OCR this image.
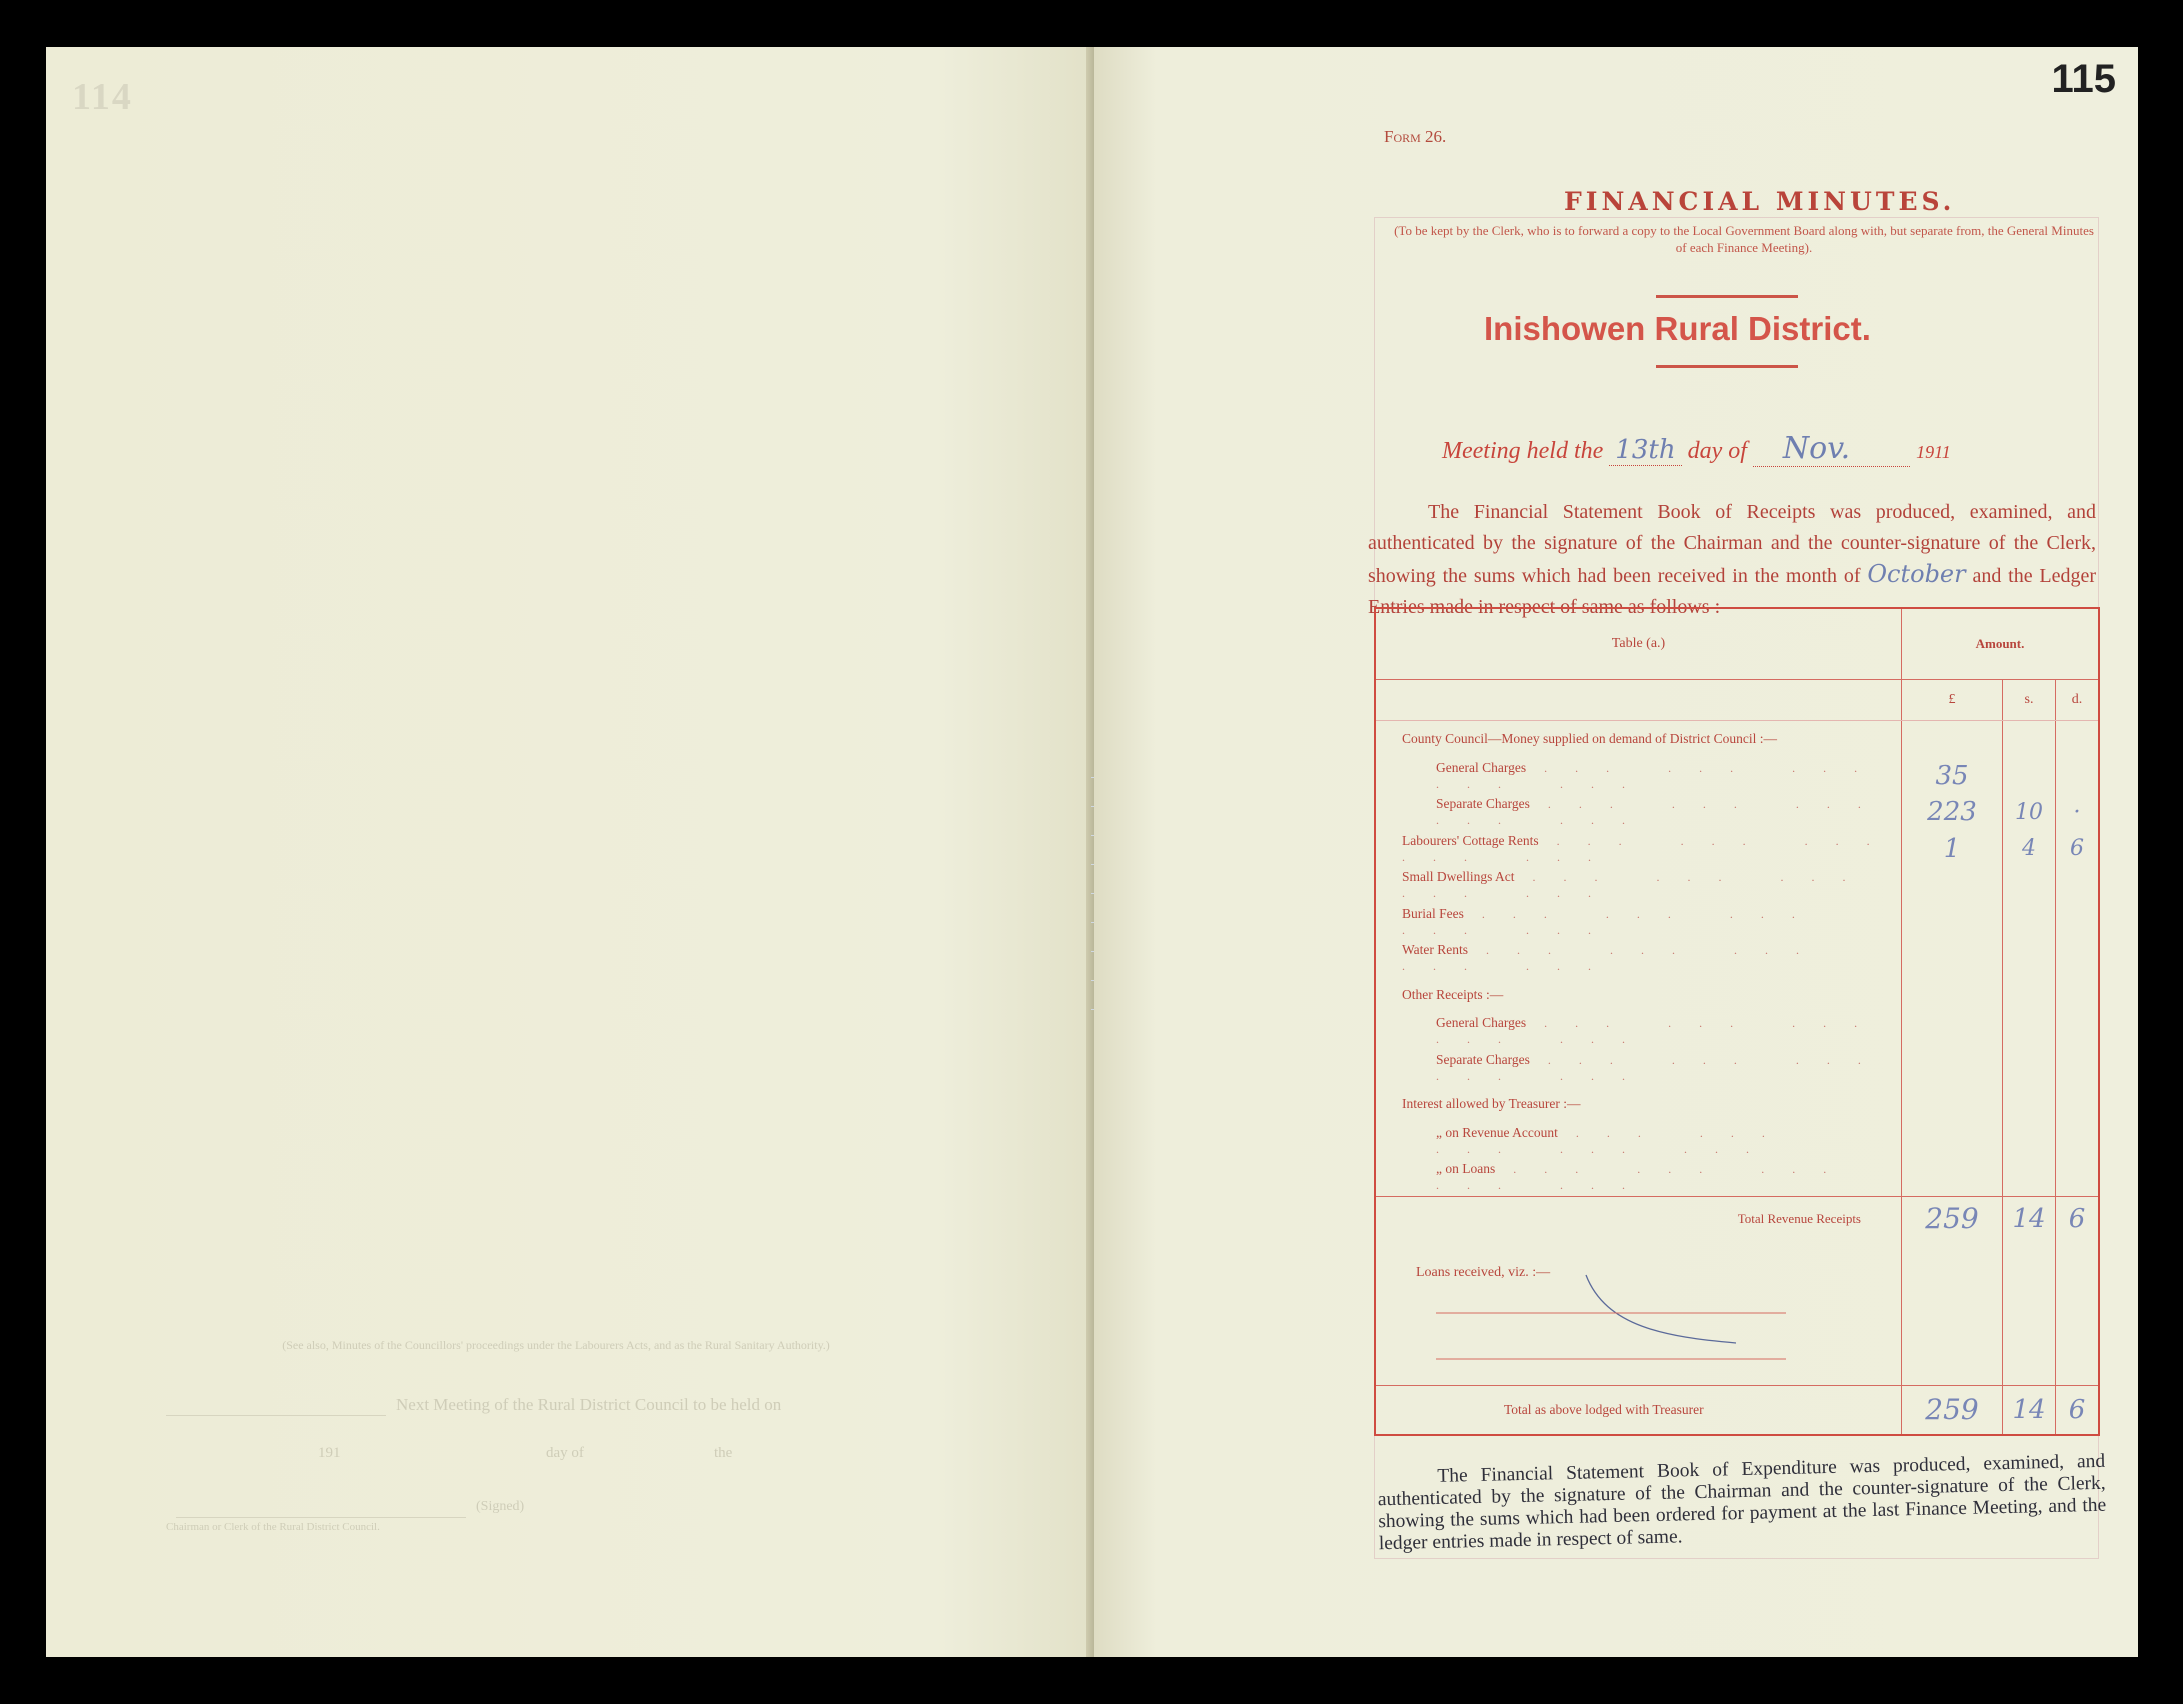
114
(See also, Minutes of the Councillors' proceedings under the Labourers Acts, and as the Rural Sanitary Authority.)
Next Meeting of the Rural District Council to be held on
the
day of
191
(Signed)
Chairman or Clerk of the Rural District Council.
115
Form 26.
FINANCIAL MINUTES.
(To be kept by the Clerk, who is to forward a copy to the Local Government Board along with, but separate from, the General Minutes of each Finance Meeting).
Inishowen Rural District.
Meeting held the 13th day of Nov.	1911
The Financial Statement Book of Receipts was produced, examined, and authenticated by the signature of the Chairman and the counter-signature of the Clerk, showing the sums which had been received in the month of October and the Ledger Entries made in respect of same as follows :—
Table (a.)	Amount.		
	£	s.	d.
County Council—Money supplied on demand of District Council :—			
General Charges ... ... ... ... ...	35		
Separate Charges ... ... ... ... ...	223	10	·
Labourers' Cottage Rents ... ... ... ... ...	1	4	6
Small Dwellings Act ... ... ... ... ...			
Burial Fees ... ... ... ... ...			
Water Rents ... ... ... ... ...			
Other Receipts :—			
General Charges ... ... ... ... ...			
Separate Charges ... ... ... ... ...			
Interest allowed by Treasurer :—			
„ on Revenue Account ... ... ... ... ...			
„ on Loans ... ... ... ... ...			
Total Revenue Receipts	259	14	6
Loans received, viz. :—

Total as above lodged with Treasurer	259	14	6
The Financial Statement Book of Expenditure was produced, examined, and authenticated by the signature of the Chairman and the counter-signature of the Clerk, showing the sums which had been ordered for payment at the last Finance Meeting, and the ledger entries made in respect of same.
